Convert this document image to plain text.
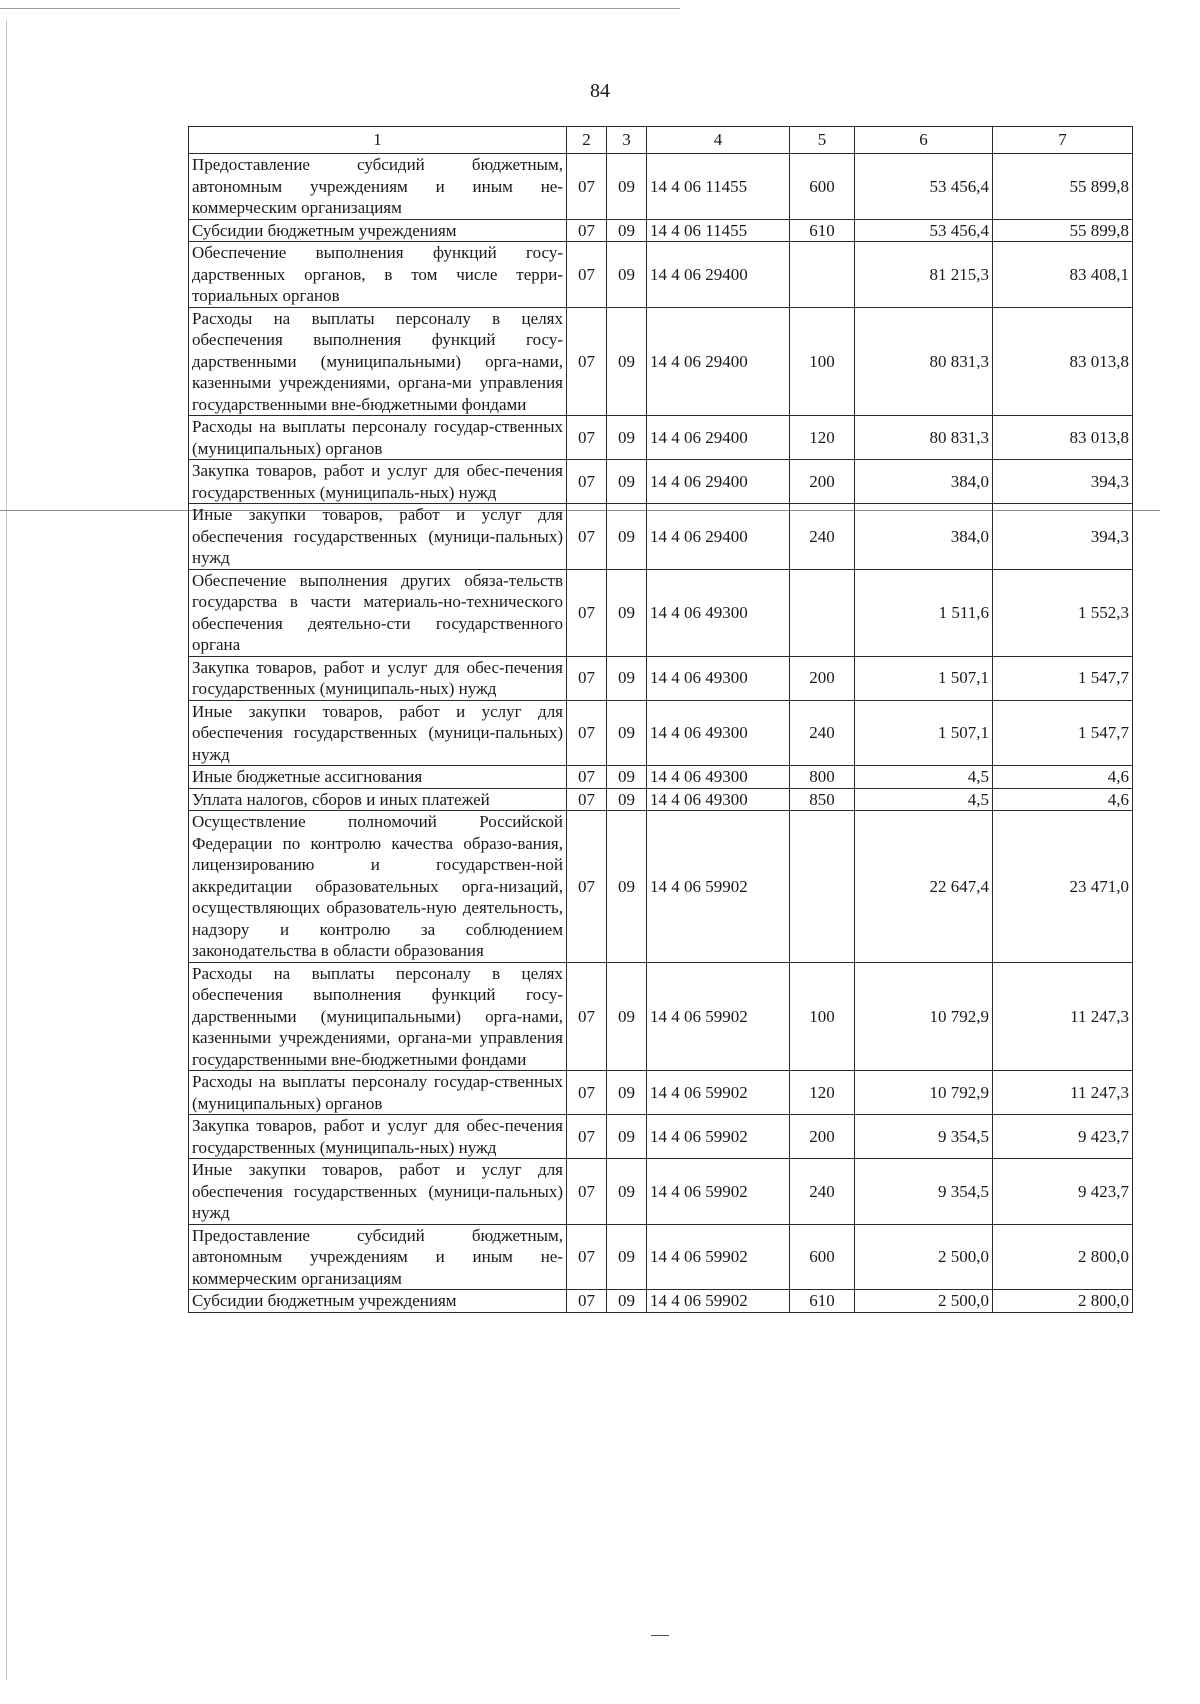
84
1	2	3	4	5	6	7
Предоставление субсидий бюджетным, автономным учреждениям и иным не-коммерческим организациям	07	09	14 4 06 11455	600	53 456,4	55 899,8
Субсидии бюджетным учреждениям	07	09	14 4 06 11455	610	53 456,4	55 899,8
Обеспечение выполнения функций госу-дарственных органов, в том числе терри-ториальных органов	07	09	14 4 06 29400		81 215,3	83 408,1
Расходы на выплаты персоналу в целях обеспечения выполнения функций госу-дарственными (муниципальными) орга-нами, казенными учреждениями, органа-ми управления государственными вне-бюджетными фондами	07	09	14 4 06 29400	100	80 831,3	83 013,8
Расходы на выплаты персоналу государ-ственных (муниципальных) органов	07	09	14 4 06 29400	120	80 831,3	83 013,8
Закупка товаров, работ и услуг для обес-печения государственных (муниципаль-ных) нужд	07	09	14 4 06 29400	200	384,0	394,3
Иные закупки товаров, работ и услуг для обеспечения государственных (муници-пальных) нужд	07	09	14 4 06 29400	240	384,0	394,3
Обеспечение выполнения других обяза-тельств государства в части материаль-но-технического обеспечения деятельно-сти государственного органа	07	09	14 4 06 49300		1 511,6	1 552,3
Закупка товаров, работ и услуг для обес-печения государственных (муниципаль-ных) нужд	07	09	14 4 06 49300	200	1 507,1	1 547,7
Иные закупки товаров, работ и услуг для обеспечения государственных (муници-пальных) нужд	07	09	14 4 06 49300	240	1 507,1	1 547,7
Иные бюджетные ассигнования	07	09	14 4 06 49300	800	4,5	4,6
Уплата налогов, сборов и иных платежей	07	09	14 4 06 49300	850	4,5	4,6
Осуществление полномочий Российской Федерации по контролю качества образо-вания, лицензированию и государствен-ной аккредитации образовательных орга-низаций, осуществляющих образователь-ную деятельность, надзору и контролю за соблюдением законодательства в области образования	07	09	14 4 06 59902		22 647,4	23 471,0
Расходы на выплаты персоналу в целях обеспечения выполнения функций госу-дарственными (муниципальными) орга-нами, казенными учреждениями, органа-ми управления государственными вне-бюджетными фондами	07	09	14 4 06 59902	100	10 792,9	11 247,3
Расходы на выплаты персоналу государ-ственных (муниципальных) органов	07	09	14 4 06 59902	120	10 792,9	11 247,3
Закупка товаров, работ и услуг для обес-печения государственных (муниципаль-ных) нужд	07	09	14 4 06 59902	200	9 354,5	9 423,7
Иные закупки товаров, работ и услуг для обеспечения государственных (муници-пальных) нужд	07	09	14 4 06 59902	240	9 354,5	9 423,7
Предоставление субсидий бюджетным, автономным учреждениям и иным не-коммерческим организациям	07	09	14 4 06 59902	600	2 500,0	2 800,0
Субсидии бюджетным учреждениям	07	09	14 4 06 59902	610	2 500,0	2 800,0
